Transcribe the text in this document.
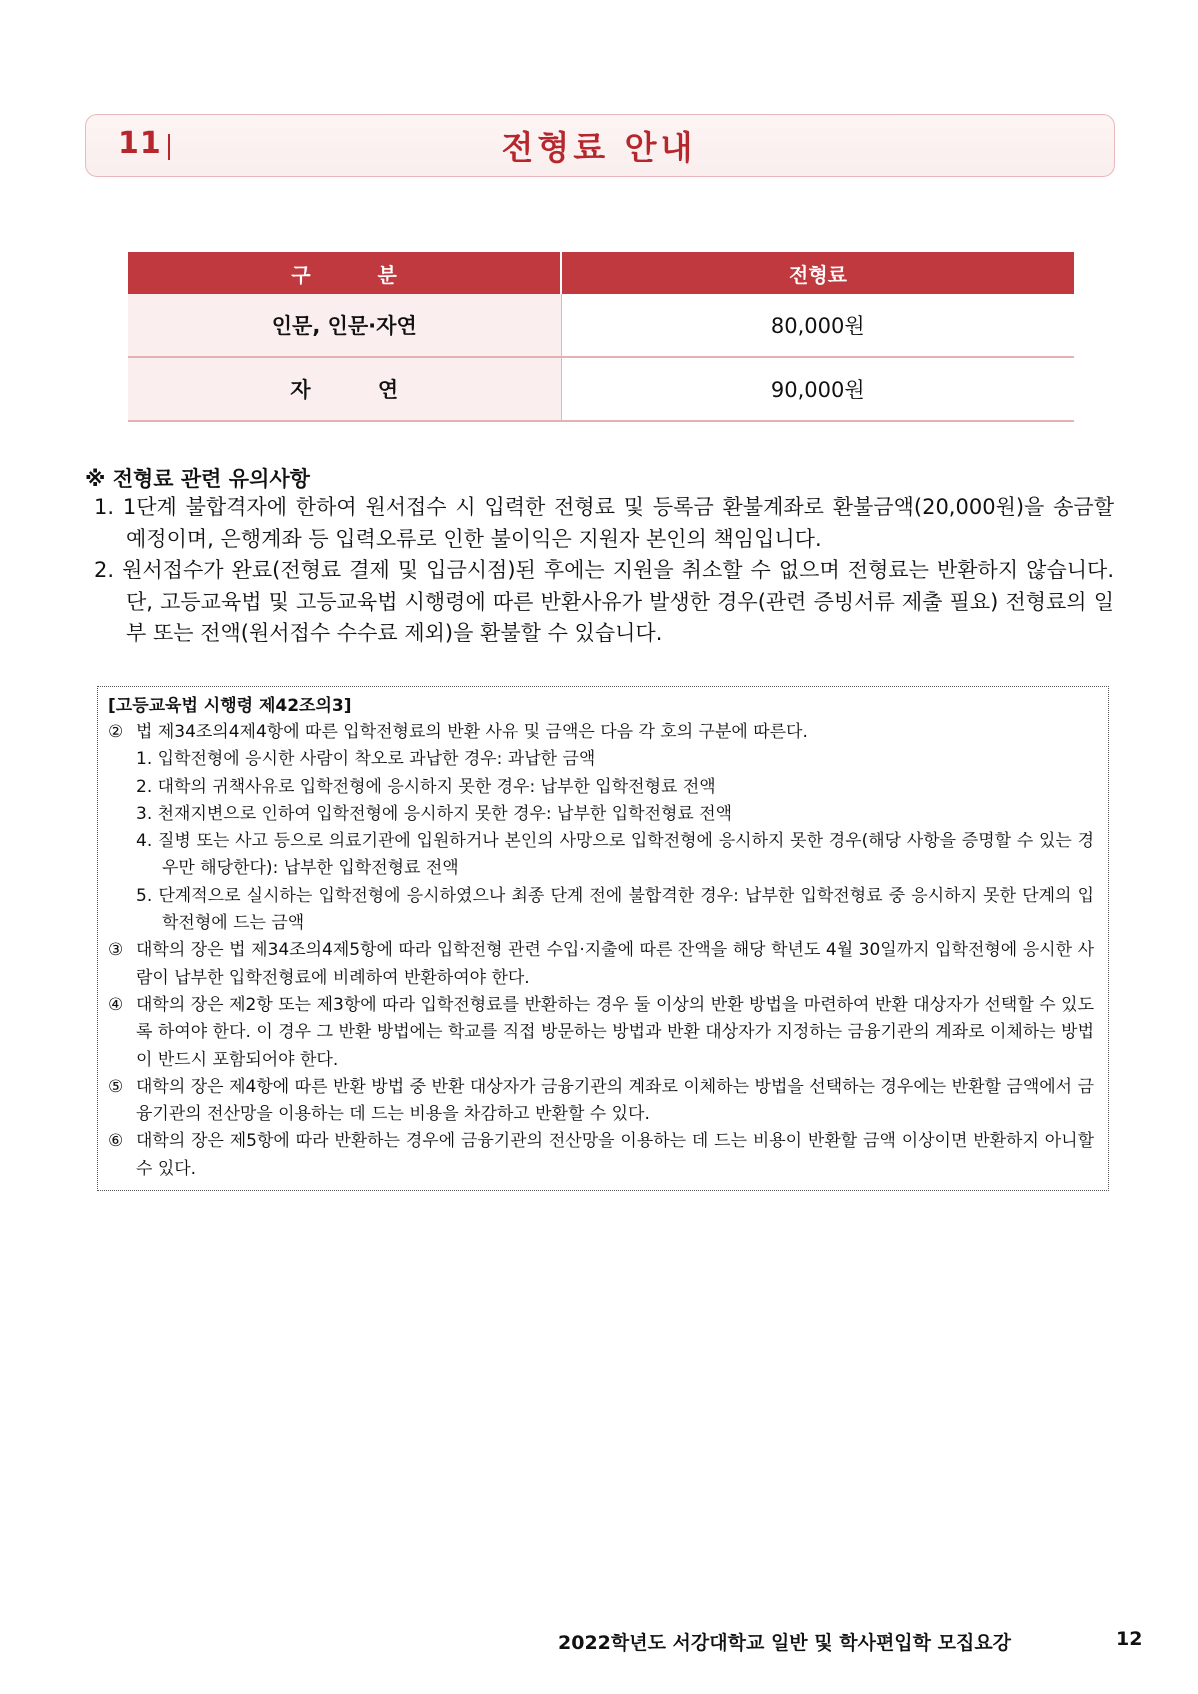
11	전형료 안내
구 분	전형료
인문, 인문·자연	80,000원
자 연	90,000원
※ 전형료 관련 유의사항
1. 1단계 불합격자에 한하여 원서접수 시 입력한 전형료 및 등록금 환불계좌로 환불금액(20,000원)을 송금할 예정이며, 은행계좌 등 입력오류로 인한 불이익은 지원자 본인의 책임입니다.
2. 원서접수가 완료(전형료 결제 및 입금시점)된 후에는 지원을 취소할 수 없으며 전형료는 반환하지 않습니다. 단, 고등교육법 및 고등교육법 시행령에 따른 반환사유가 발생한 경우(관련 증빙서류 제출 필요) 전형료의 일부 또는 전액(원서접수 수수료 제외)을 환불할 수 있습니다.
[고등교육법 시행령 제42조의3]
② 법 제34조의4제4항에 따른 입학전형료의 반환 사유 및 금액은 다음 각 호의 구분에 따른다.
1. 입학전형에 응시한 사람이 착오로 과납한 경우: 과납한 금액
2. 대학의 귀책사유로 입학전형에 응시하지 못한 경우: 납부한 입학전형료 전액
3. 천재지변으로 인하여 입학전형에 응시하지 못한 경우: 납부한 입학전형료 전액
4. 질병 또는 사고 등으로 의료기관에 입원하거나 본인의 사망으로 입학전형에 응시하지 못한 경우(해당 사항을 증명할 수 있는 경우만 해당한다): 납부한 입학전형료 전액
5. 단계적으로 실시하는 입학전형에 응시하였으나 최종 단계 전에 불합격한 경우: 납부한 입학전형료 중 응시하지 못한 단계의 입학전형에 드는 금액
③ 대학의 장은 법 제34조의4제5항에 따라 입학전형 관련 수입·지출에 따른 잔액을 해당 학년도 4월 30일까지 입학전형에 응시한 사람이 납부한 입학전형료에 비례하여 반환하여야 한다.
④ 대학의 장은 제2항 또는 제3항에 따라 입학전형료를 반환하는 경우 둘 이상의 반환 방법을 마련하여 반환 대상자가 선택할 수 있도록 하여야 한다. 이 경우 그 반환 방법에는 학교를 직접 방문하는 방법과 반환 대상자가 지정하는 금융기관의 계좌로 이체하는 방법이 반드시 포함되어야 한다.
⑤ 대학의 장은 제4항에 따른 반환 방법 중 반환 대상자가 금융기관의 계좌로 이체하는 방법을 선택하는 경우에는 반환할 금액에서 금융기관의 전산망을 이용하는 데 드는 비용을 차감하고 반환할 수 있다.
⑥ 대학의 장은 제5항에 따라 반환하는 경우에 금융기관의 전산망을 이용하는 데 드는 비용이 반환할 금액 이상이면 반환하지 아니할 수 있다.
2022학년도 서강대학교 일반 및 학사편입학 모집요강	12
